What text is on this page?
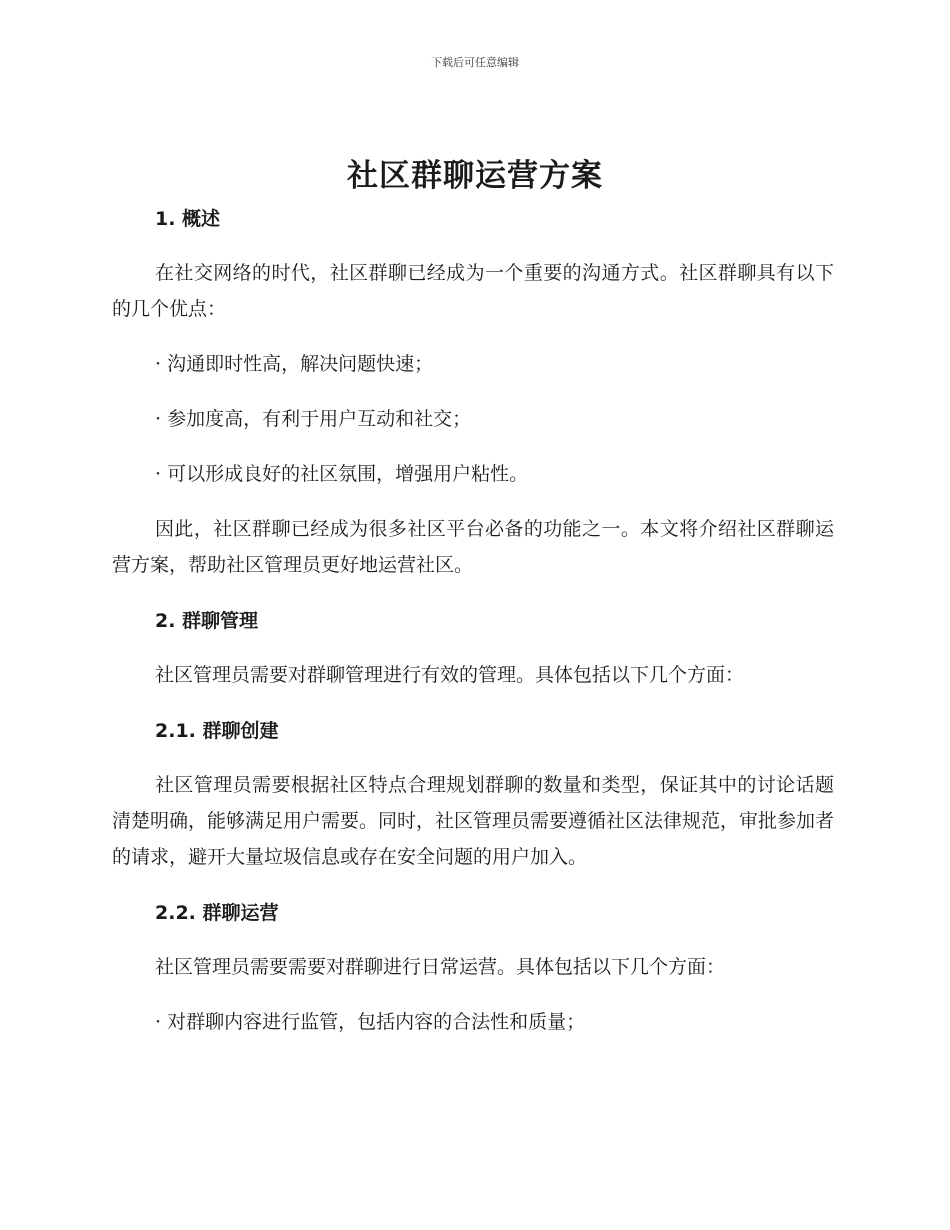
下载后可任意编辑
社区群聊运营方案

1. 概述

在社交网络的时代，社区群聊已经成为一个重要的沟通方式。社区群聊具有以下的几个优点：

· 沟通即时性高，解决问题快速；

· 参加度高，有利于用户互动和社交；

· 可以形成良好的社区氛围，增强用户粘性。

因此，社区群聊已经成为很多社区平台必备的功能之一。本文将介绍社区群聊运营方案，帮助社区管理员更好地运营社区。

2. 群聊管理

社区管理员需要对群聊管理进行有效的管理。具体包括以下几个方面：

2.1. 群聊创建

社区管理员需要根据社区特点合理规划群聊的数量和类型，保证其中的讨论话题清楚明确，能够满足用户需要。同时，社区管理员需要遵循社区法律规范，审批参加者的请求，避开大量垃圾信息或存在安全问题的用户加入。

2.2. 群聊运营

社区管理员需要需要对群聊进行日常运营。具体包括以下几个方面：

· 对群聊内容进行监管，包括内容的合法性和质量；
